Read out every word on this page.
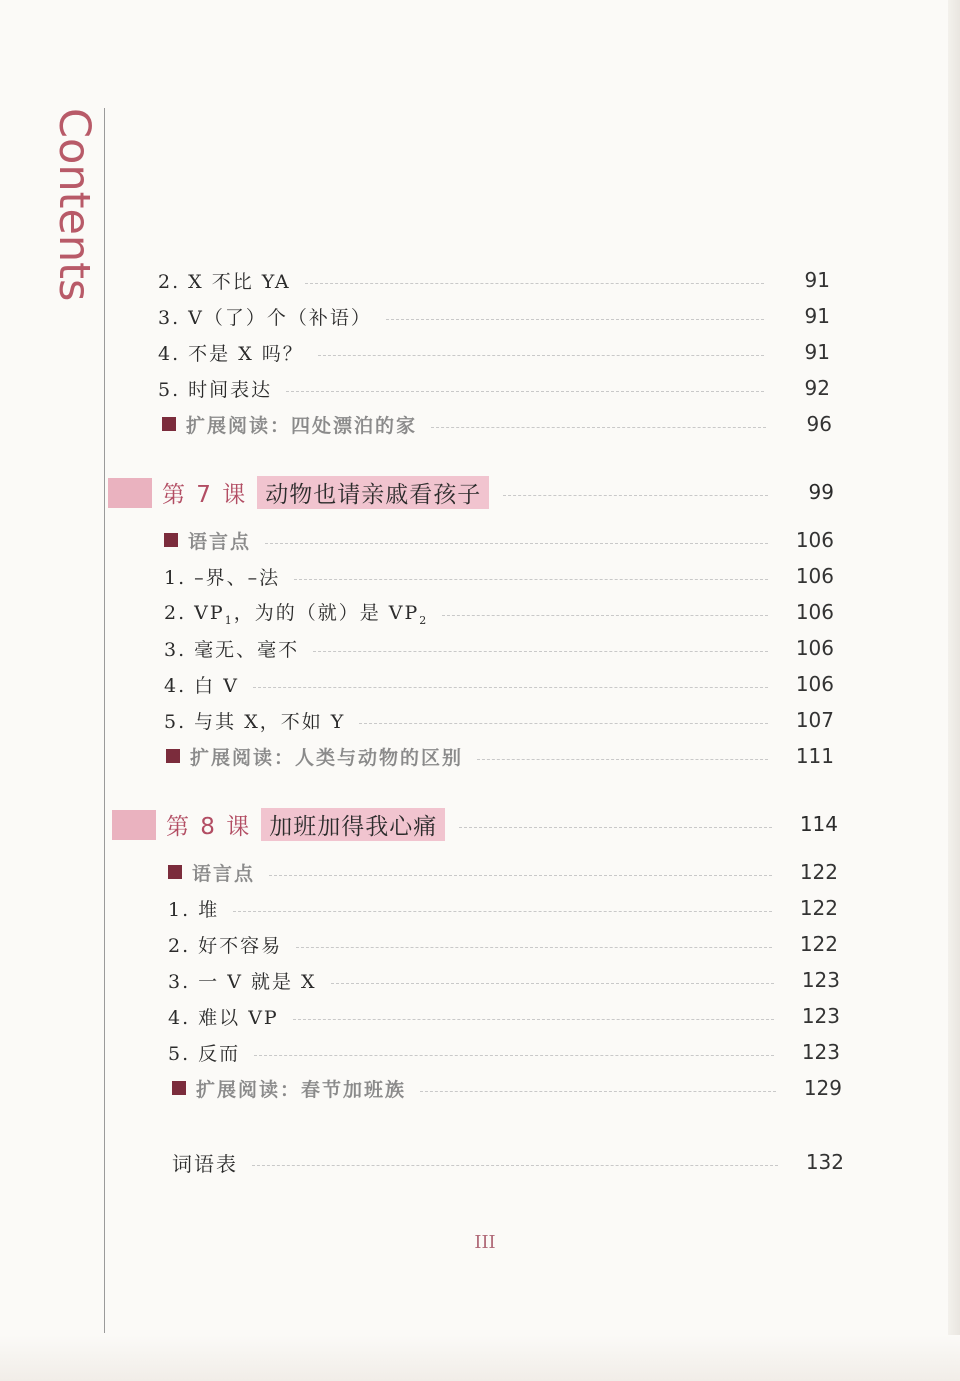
Contents	2. X 不比 YA	91
3. V（了）个（补语）	91
4. 不是 X 吗？	91
5. 时间表达	92
扩展阅读：四处漂泊的家	96
第 7 课 动物也请亲戚看孩子	99
语言点	106
1. –界、–法	106
2. $VP_1$，为的（就）是 $VP_2$	106
3. 毫无、毫不	106
4. 白 V	106
5. 与其 X，不如 Y	107
扩展阅读：人类与动物的区别	111
第 8 课 加班加得我心痛	114
语言点	122
1. 堆	122
2. 好不容易	122
3. 一 V 就是 X	123
4. 难以 VP	123
5. 反而	123
扩展阅读：春节加班族	129
词语表	132
III
